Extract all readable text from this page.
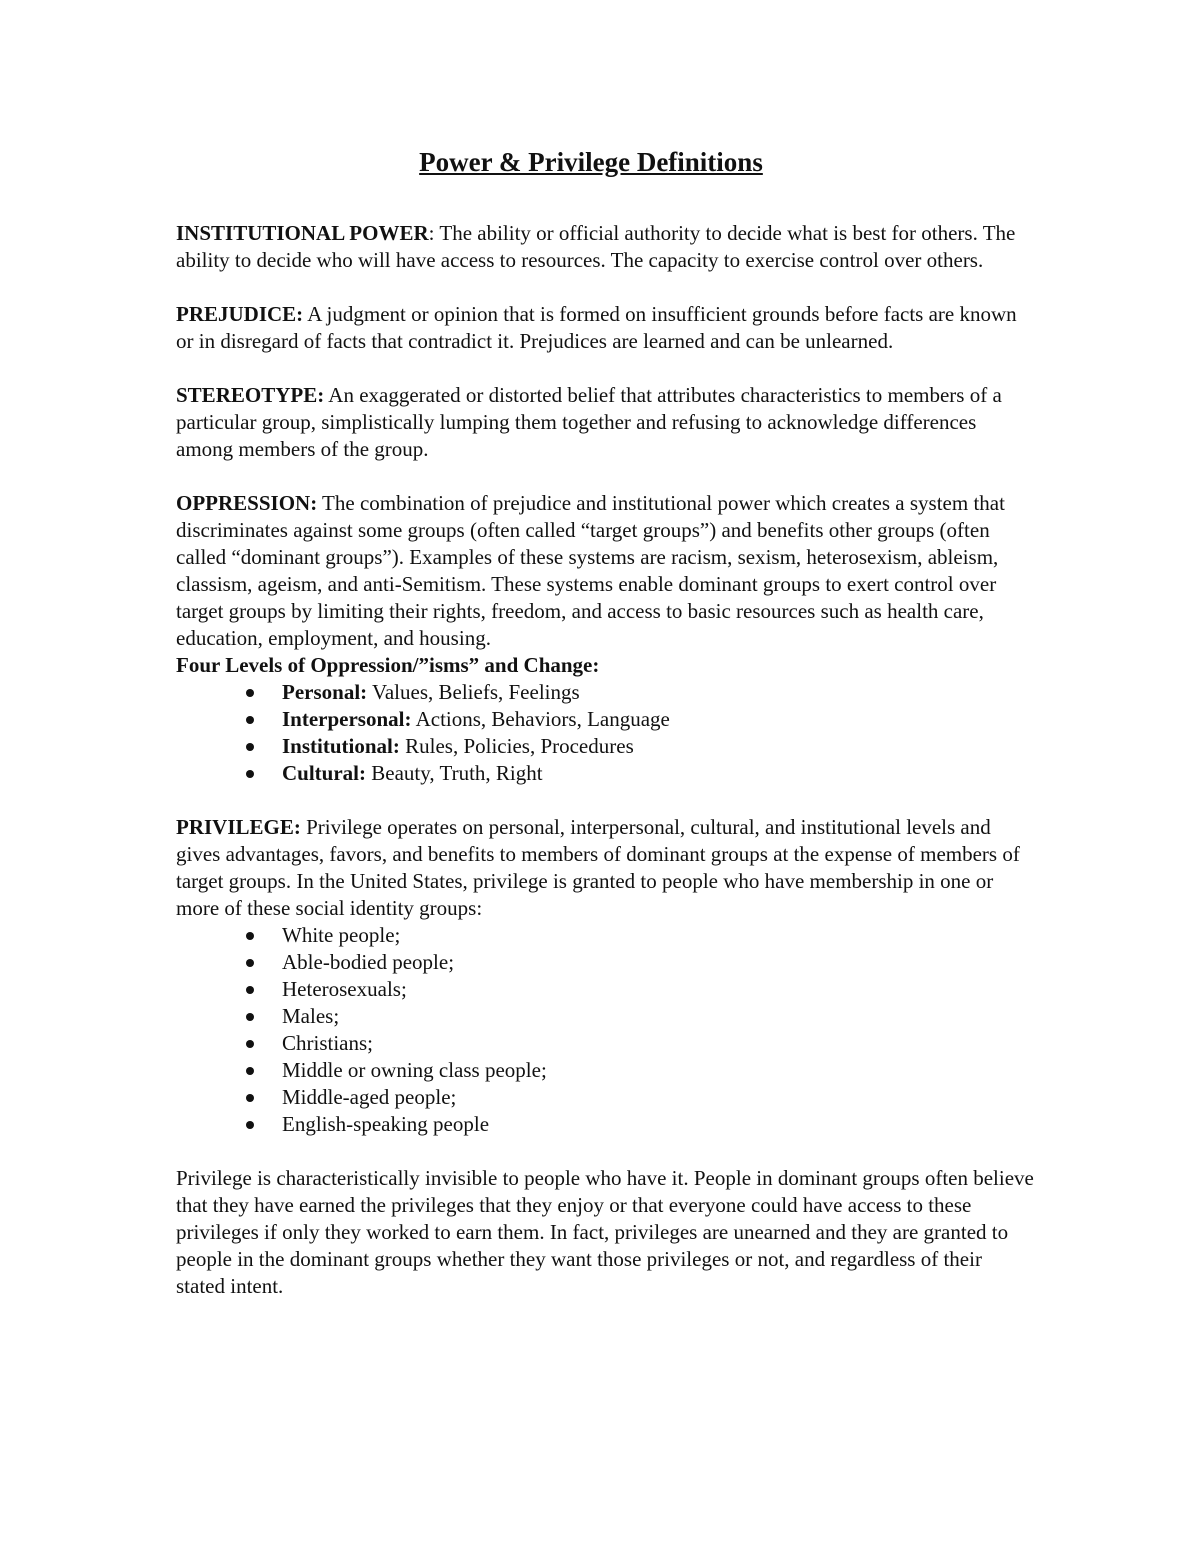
Power & Privilege Definitions

INSTITUTIONAL POWER: The ability or official authority to decide what is best for others. The ability to decide who will have access to resources. The capacity to exercise control over others.

PREJUDICE: A judgment or opinion that is formed on insufficient grounds before facts are known or in disregard of facts that contradict it. Prejudices are learned and can be unlearned.

STEREOTYPE: An exaggerated or distorted belief that attributes characteristics to members of a particular group, simplistically lumping them together and refusing to acknowledge differences among members of the group.

OPPRESSION: The combination of prejudice and institutional power which creates a system that discriminates against some groups (often called “target groups”) and benefits other groups (often called “dominant groups”). Examples of these systems are racism, sexism, heterosexism, ableism, classism, ageism, and anti-Semitism. These systems enable dominant groups to exert control over target groups by limiting their rights, freedom, and access to basic resources such as health care, education, employment, and housing.

Four Levels of Oppression/”isms” and Change:
Personal: Values, Beliefs, Feelings
Interpersonal: Actions, Behaviors, Language
Institutional: Rules, Policies, Procedures
Cultural: Beauty, Truth, Right

PRIVILEGE: Privilege operates on personal, interpersonal, cultural, and institutional levels and gives advantages, favors, and benefits to members of dominant groups at the expense of members of target groups. In the United States, privilege is granted to people who have membership in one or more of these social identity groups:

White people;
Able-bodied people;
Heterosexuals;
Males;
Christians;
Middle or owning class people;
Middle-aged people;
English-speaking people

Privilege is characteristically invisible to people who have it. People in dominant groups often believe that they have earned the privileges that they enjoy or that everyone could have access to these privileges if only they worked to earn them. In fact, privileges are unearned and they are granted to people in the dominant groups whether they want those privileges or not, and regardless of their stated intent.
